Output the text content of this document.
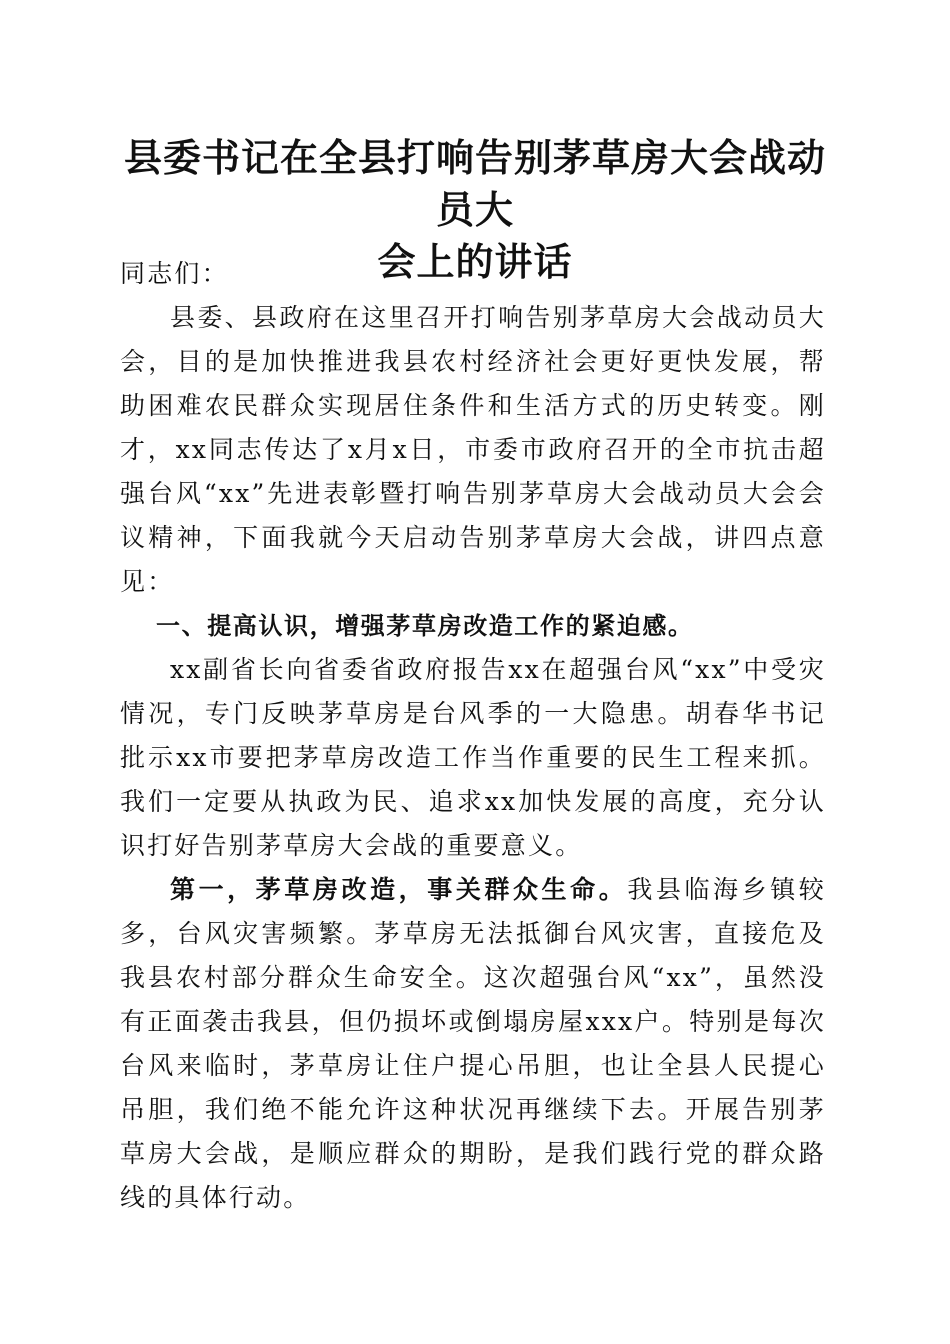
县委书记在全县打响告别茅草房大会战动员大
会上的讲话

同志们：

县委、县政府在这里召开打响告别茅草房大会战动员大会，目的是加快推进我县农村经济社会更好更快发展，帮助困难农民群众实现居住条件和生活方式的历史转变。刚才，xx同志传达了x月x日，市委市政府召开的全市抗击超强台风“xx”先进表彰暨打响告别茅草房大会战动员大会会议精神，下面我就今天启动告别茅草房大会战，讲四点意见：

一、提高认识，增强茅草房改造工作的紧迫感。

xx副省长向省委省政府报告xx在超强台风“xx”中受灾情况，专门反映茅草房是台风季的一大隐患。胡春华书记批示xx市要把茅草房改造工作当作重要的民生工程来抓。我们一定要从执政为民、追求xx加快发展的高度，充分认识打好告别茅草房大会战的重要意义。

第一，茅草房改造，事关群众生命。我县临海乡镇较多，台风灾害频繁。茅草房无法抵御台风灾害，直接危及我县农村部分群众生命安全。这次超强台风“xx”，虽然没有正面袭击我县，但仍损坏或倒塌房屋xxx户。特别是每次台风来临时，茅草房让住户提心吊胆，也让全县人民提心吊胆，我们绝不能允许这种状况再继续下去。开展告别茅草房大会战，是顺应群众的期盼，是我们践行党的群众路线的具体行动。
